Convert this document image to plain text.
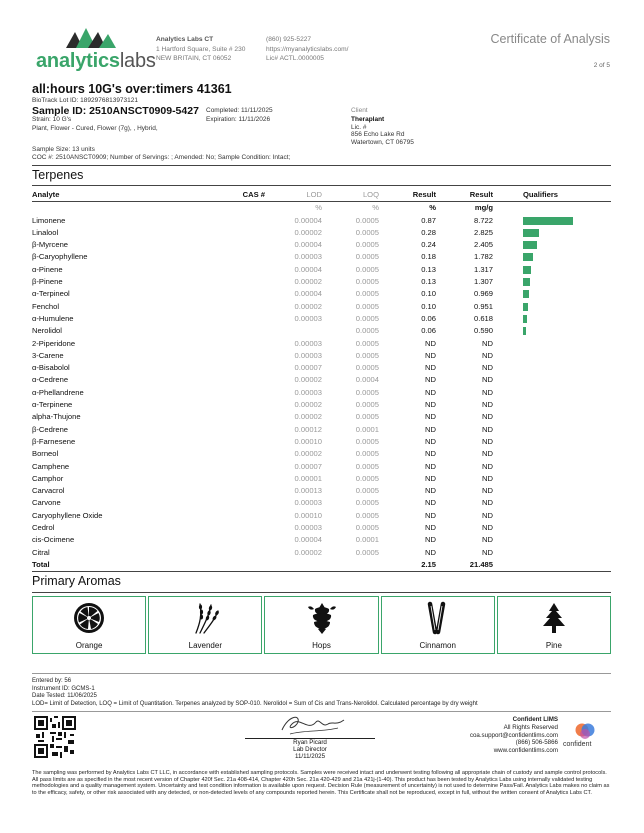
analyticslabs
Analytics Labs CT
1 Hartford Square, Suite # 230
NEW BRITAIN, CT 06052
(860) 925-5227
https://myanalyticslabs.com/
Lic# ACTL.0000005
Certificate of Analysis
2 of 5
all:hours 10G's over:timers 41361
BioTrack Lot ID: 1892976813973121
Sample ID: 2510ANSCT0909-5427
Strain: 10 G's
Plant, Flower - Cured, Flower (7g), , Hybrid,
Completed: 11/11/2025
Expiration: 11/11/2026
Client
Theraplant
Lic. #
856 Echo Lake Rd
Watertown, CT 06795
Sample Size: 13 units
COC #: 2510ANSCT0909; Number of Servings: ; Amended: No; Sample Condition: Intact;
Terpenes
Analyte	CAS #	LOD	LOQ	Result	Result	Qualifiers
		%	%	%	mg/g	
Limonene		0.00004	0.0005	0.87	8.722	
Linalool		0.00002	0.0005	0.28	2.825	
β-Myrcene		0.00004	0.0005	0.24	2.405	
β-Caryophyllene		0.00003	0.0005	0.18	1.782	
α-Pinene		0.00004	0.0005	0.13	1.317	
β-Pinene		0.00002	0.0005	0.13	1.307	
α-Terpineol		0.00004	0.0005	0.10	0.969	
Fenchol		0.00002	0.0005	0.10	0.951	
α-Humulene		0.00003	0.0005	0.06	0.618	
Nerolidol			0.0005	0.06	0.590	
2-Piperidone		0.00003	0.0005	ND	ND	
3-Carene		0.00003	0.0005	ND	ND	
α-Bisabolol		0.00007	0.0005	ND	ND	
α-Cedrene		0.00002	0.0004	ND	ND	
α-Phellandrene		0.00003	0.0005	ND	ND	
α-Terpinene		0.00002	0.0005	ND	ND	
alpha-Thujone		0.00002	0.0005	ND	ND	
β-Cedrene		0.00012	0.0001	ND	ND	
β-Farnesene		0.00010	0.0005	ND	ND	
Borneol		0.00002	0.0005	ND	ND	
Camphene		0.00007	0.0005	ND	ND	
Camphor		0.00001	0.0005	ND	ND	
Carvacrol		0.00013	0.0005	ND	ND	
Carvone		0.00003	0.0005	ND	ND	
Caryophyllene Oxide		0.00010	0.0005	ND	ND	
Cedrol		0.00003	0.0005	ND	ND	
cis-Ocimene		0.00004	0.0001	ND	ND	
Citral		0.00002	0.0005	ND	ND	
Total				2.15	21.485	
Primary Aromas
Orange	Lavender	Hops	Cinnamon	Pine
Entered by: 56
Instrument ID: GCMS-1
Date Tested: 11/06/2025
LOD= Limit of Detection, LOQ = Limit of Quantitation. Terpenes analyzed by SOP-010. Nerolidol = Sum of Cis and Trans-Nerolidol. Calculated percentage by dry weight
Ryan Picard
Lab Director
11/11/2025
Confident LIMS
All Rights Reserved
coa.support@confidentlims.com
(866) 506-5866
www.confidentlims.com
confident
The sampling was performed by Analytics Labs CT LLC, in accordance with established sampling protocols. Samples were received intact and underwent testing following all appropriate chain of custody and sample control protocols. All pass limits are as specified in the most recent version of Chapter 420f Sec. 21a 408-414, Chapter 420h Sec. 21a 420-429 and 21a 421j-(1-40). This product has been tested by Analytics Labs using internally validated testing methodologies and a quality management system. Uncertainty and test condition information is available upon request. Decision Rule (measurement of uncertainty) is not used to determine Pass/Fail. Analytics Labs makes no claim as to the efficacy, safety, or other risk associated with any detected, or non-detected levels of any compounds reported herein. This Certificate shall not be reproduced, except in full, without the written consent of Analytics Labs CT.
